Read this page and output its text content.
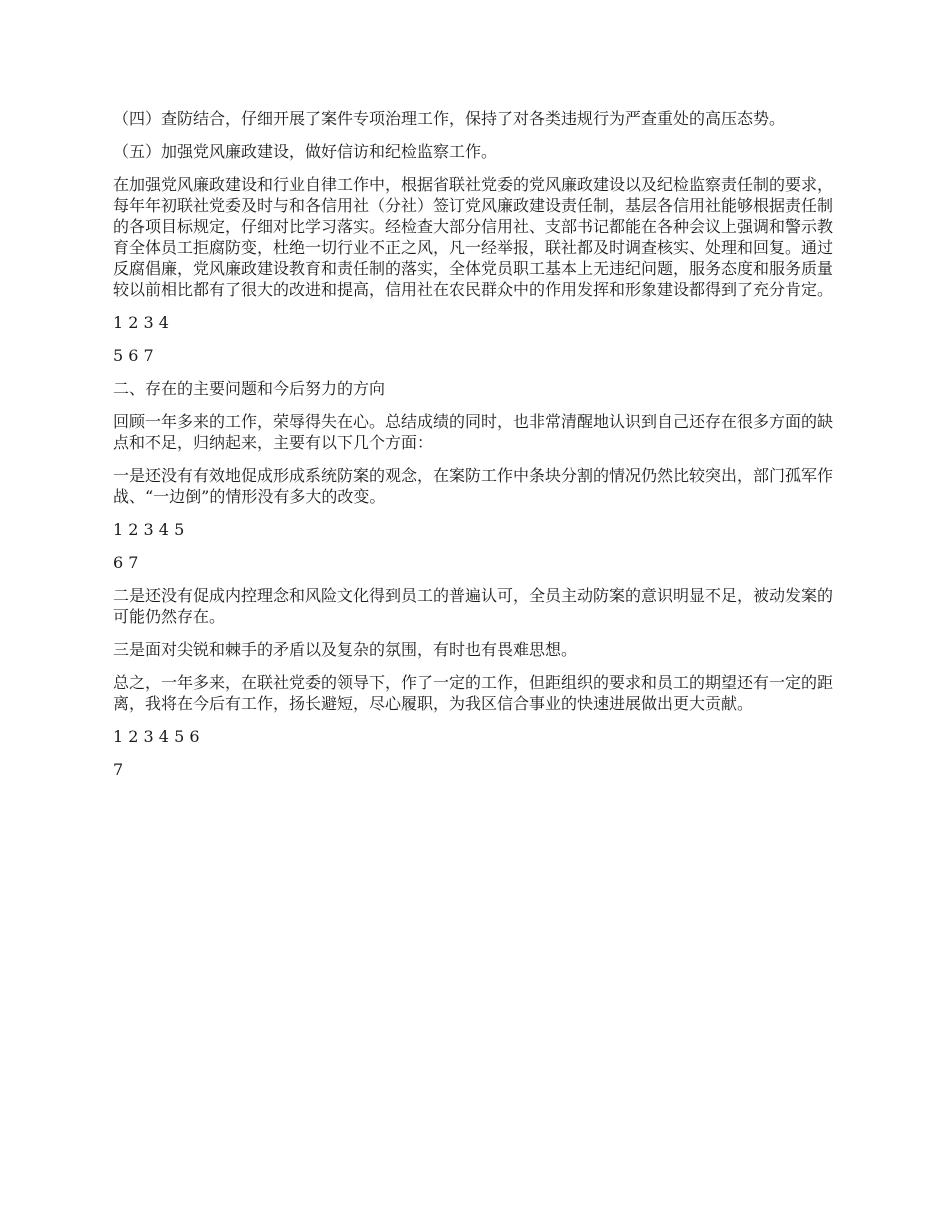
（四）查防结合，仔细开展了案件专项治理工作，保持了对各类违规行为严查重处的高压态势。

（五）加强党风廉政建设，做好信访和纪检监察工作。

在加强党风廉政建设和行业自律工作中，根据省联社党委的党风廉政建设以及纪检监察责任制的要求，每年年初联社党委及时与和各信用社（分社）签订党风廉政建设责任制，基层各信用社能够根据责任制的各项目标规定，仔细对比学习落实。经检查大部分信用社、支部书记都能在各种会议上强调和警示教育全体员工拒腐防变，杜绝一切行业不正之风，凡一经举报，联社都及时调查核实、处理和回复。通过反腐倡廉，党风廉政建设教育和责任制的落实，全体党员职工基本上无违纪问题，服务态度和服务质量较以前相比都有了很大的改进和提高，信用社在农民群众中的作用发挥和形象建设都得到了充分肯定。

1 2 3 4

5 6 7

二、存在的主要问题和今后努力的方向

回顾一年多来的工作，荣辱得失在心。总结成绩的同时，也非常清醒地认识到自己还存在很多方面的缺点和不足，归纳起来，主要有以下几个方面：

一是还没有有效地促成形成系统防案的观念，在案防工作中条块分割的情况仍然比较突出，部门孤军作战、“一边倒”的情形没有多大的改变。

1 2 3 4 5

6 7

二是还没有促成内控理念和风险文化得到员工的普遍认可，全员主动防案的意识明显不足，被动发案的可能仍然存在。

三是面对尖锐和棘手的矛盾以及复杂的氛围，有时也有畏难思想。

总之，一年多来，在联社党委的领导下，作了一定的工作，但距组织的要求和员工的期望还有一定的距离，我将在今后有工作，扬长避短，尽心履职，为我区信合事业的快速进展做出更大贡献。

1 2 3 4 5 6

7
